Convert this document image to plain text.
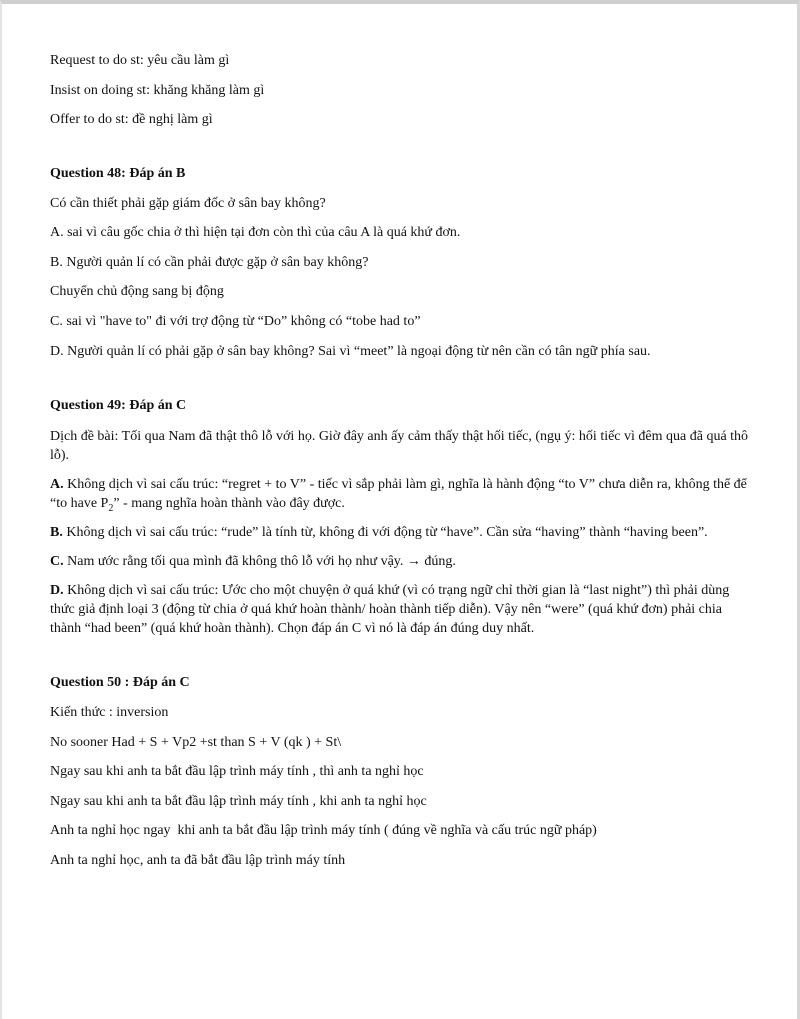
Request to do st: yêu cầu làm gì

Insist on doing st: khăng khăng làm gì

Offer to do st: đề nghị làm gì

Question 48: Đáp án B

Có cần thiết phải gặp giám đốc ở sân bay không?

A. sai vì câu gốc chia ở thì hiện tại đơn còn thì của câu A là quá khứ đơn.

B. Người quản lí có cần phải được gặp ở sân bay không?

Chuyển chủ động sang bị động

C. sai vì "have to" đi với trợ động từ “Do” không có “tobe had to”

D. Người quản lí có phải gặp ở sân bay không? Sai vì “meet” là ngoại động từ nên cần có tân ngữ phía sau.

Question 49: Đáp án C

Dịch đề bài: Tối qua Nam đã thật thô lỗ với họ. Giờ đây anh ấy cảm thấy thật hối tiếc, (ngụ ý: hối tiếc vì đêm qua đã quá thô lỗ).

A. Không dịch vì sai cấu trúc: “regret + to V” - tiếc vì sắp phải làm gì, nghĩa là hành động “to V” chưa diễn ra, không thể để “to have $P_2$” - mang nghĩa hoàn thành vào đây được.

B. Không dịch vì sai cấu trúc: “rude” là tính từ, không đi với động từ “have”. Cần sửa “having” thành “having been”.

C. Nam ước rằng tối qua mình đã không thô lỗ với họ như vậy. → đúng.

D. Không dịch vì sai cấu trúc: Ước cho một chuyện ở quá khứ (vì có trạng ngữ chỉ thời gian là “last night”) thì phải dùng thức giả định loại 3 (động từ chia ở quá khứ hoàn thành/ hoàn thành tiếp diễn). Vậy nên “were” (quá khứ đơn) phải chia thành “had been” (quá khứ hoàn thành). Chọn đáp án C vì nó là đáp án đúng duy nhất.

Question 50 : Đáp án C

Kiến thức : inversion

No sooner Had + S + Vp2 +st than S + V (qk ) + St\

Ngay sau khi anh ta bắt đầu lập trình máy tính , thì anh ta nghỉ học

Ngay sau khi anh ta bắt đầu lập trình máy tính , khi anh ta nghỉ học

Anh ta nghỉ học ngay  khi anh ta bắt đầu lập trình máy tính ( đúng về nghĩa và cấu trúc ngữ pháp)

Anh ta nghỉ học, anh ta đã bắt đầu lập trình máy tính
